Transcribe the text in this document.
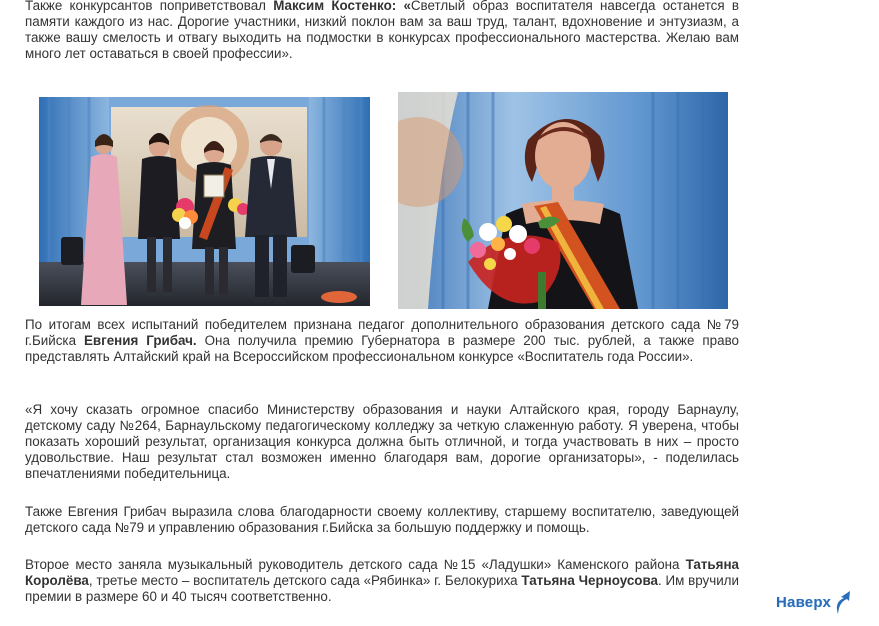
Также конкурсантов поприветствовал Максим Костенко: «Светлый образ воспитателя навсегда останется в памяти каждого из нас. Дорогие участники, низкий поклон вам за ваш труд, талант, вдохновение и энтузиазм, а также вашу смелость и отвагу выходить на подмостки в конкурсах профессионального мастерства. Желаю вам много лет оставаться в своей профессии».

По итогам всех испытаний победителем признана педагог дополнительного образования детского сада №79 г.Бийска Евгения Грибач. Она получила премию Губернатора в размере 200 тыс. рублей, а также право представлять Алтайский край на Всероссийском профессиональном конкурсе «Воспитатель года России».

«Я хочу сказать огромное спасибо Министерству образования и науки Алтайского края, городу Барнаулу, детскому саду №264, Барнаульскому педагогическому колледжу за четкую слаженную работу. Я уверена, чтобы показать хороший результат, организация конкурса должна быть отличной, и тогда участвовать в них – просто удовольствие. Наш результат стал возможен именно благодаря вам, дорогие организаторы», - поделилась впечатлениями победительница.

Также Евгения Грибач выразила слова благодарности своему коллективу, старшему воспитателю, заведующей детского сада №79 и управлению образования г.Бийска за большую поддержку и помощь.

Второе место заняла музыкальный руководитель детского сада №15 «Ладушки» Каменского района Татьяна Королёва, третье место – воспитатель детского сада «Рябинка» г. Белокуриха Татьяна Черноусова. Им вручили премии в размере 60 и 40 тысяч соответственно.	Наверх
